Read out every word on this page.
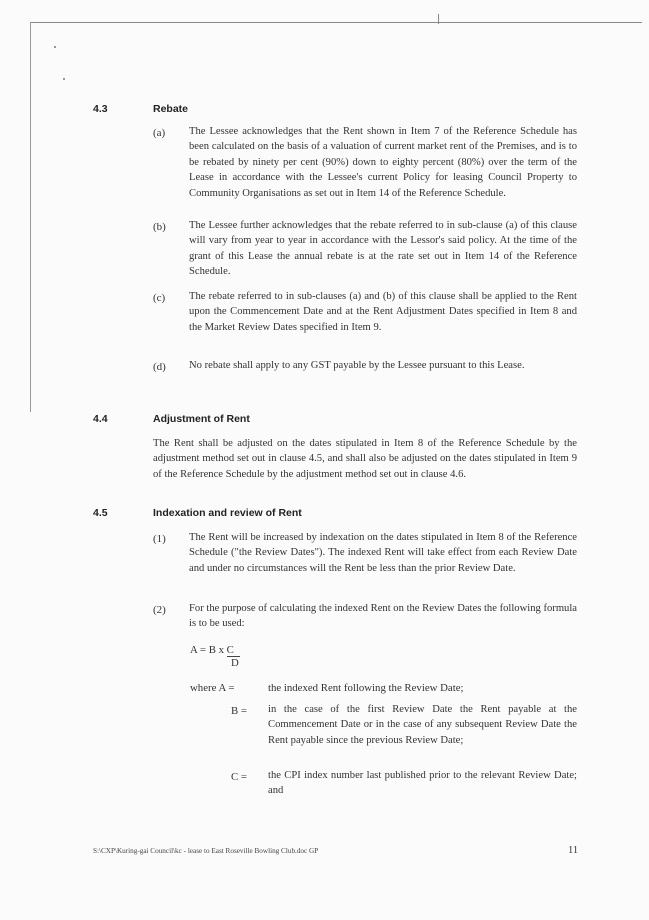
4.3	Rebate
(a) The Lessee acknowledges that the Rent shown in Item 7 of the Reference Schedule has been calculated on the basis of a valuation of current market rent of the Premises, and is to be rebated by ninety per cent (90%) down to eighty percent (80%) over the term of the Lease in accordance with the Lessee's current Policy for leasing Council Property to Community Organisations as set out in Item 14 of the Reference Schedule.
(b) The Lessee further acknowledges that the rebate referred to in sub-clause (a) of this clause will vary from year to year in accordance with the Lessor's said policy. At the time of the grant of this Lease the annual rebate is at the rate set out in Item 14 of the Reference Schedule.
(c) The rebate referred to in sub-clauses (a) and (b) of this clause shall be applied to the Rent upon the Commencement Date and at the Rent Adjustment Dates specified in Item 8 and the Market Review Dates specified in Item 9.
(d) No rebate shall apply to any GST payable by the Lessee pursuant to this Lease.
4.4	Adjustment of Rent
The Rent shall be adjusted on the dates stipulated in Item 8 of the Reference Schedule by the adjustment method set out in clause 4.5, and shall also be adjusted on the dates stipulated in Item 9 of the Reference Schedule by the adjustment method set out in clause 4.6.
4.5	Indexation and review of Rent
(1) The Rent will be increased by indexation on the dates stipulated in Item 8 of the Reference Schedule ("the Review Dates"). The indexed Rent will take effect from each Review Date and under no circumstances will the Rent be less than the prior Review Date.
(2) For the purpose of calculating the indexed Rent on the Review Dates the following formula is to be used:
A = B x C
D
where A =	the indexed Rent following the Review Date;
B = in the case of the first Review Date the Rent payable at the Commencement Date or in the case of any subsequent Review Date the Rent payable since the previous Review Date;
C = the CPI index number last published prior to the relevant Review Date; and
S:\CXP\Kuring-gai Council\kc - lease to East Roseville Bowling Club.doc GP	11
